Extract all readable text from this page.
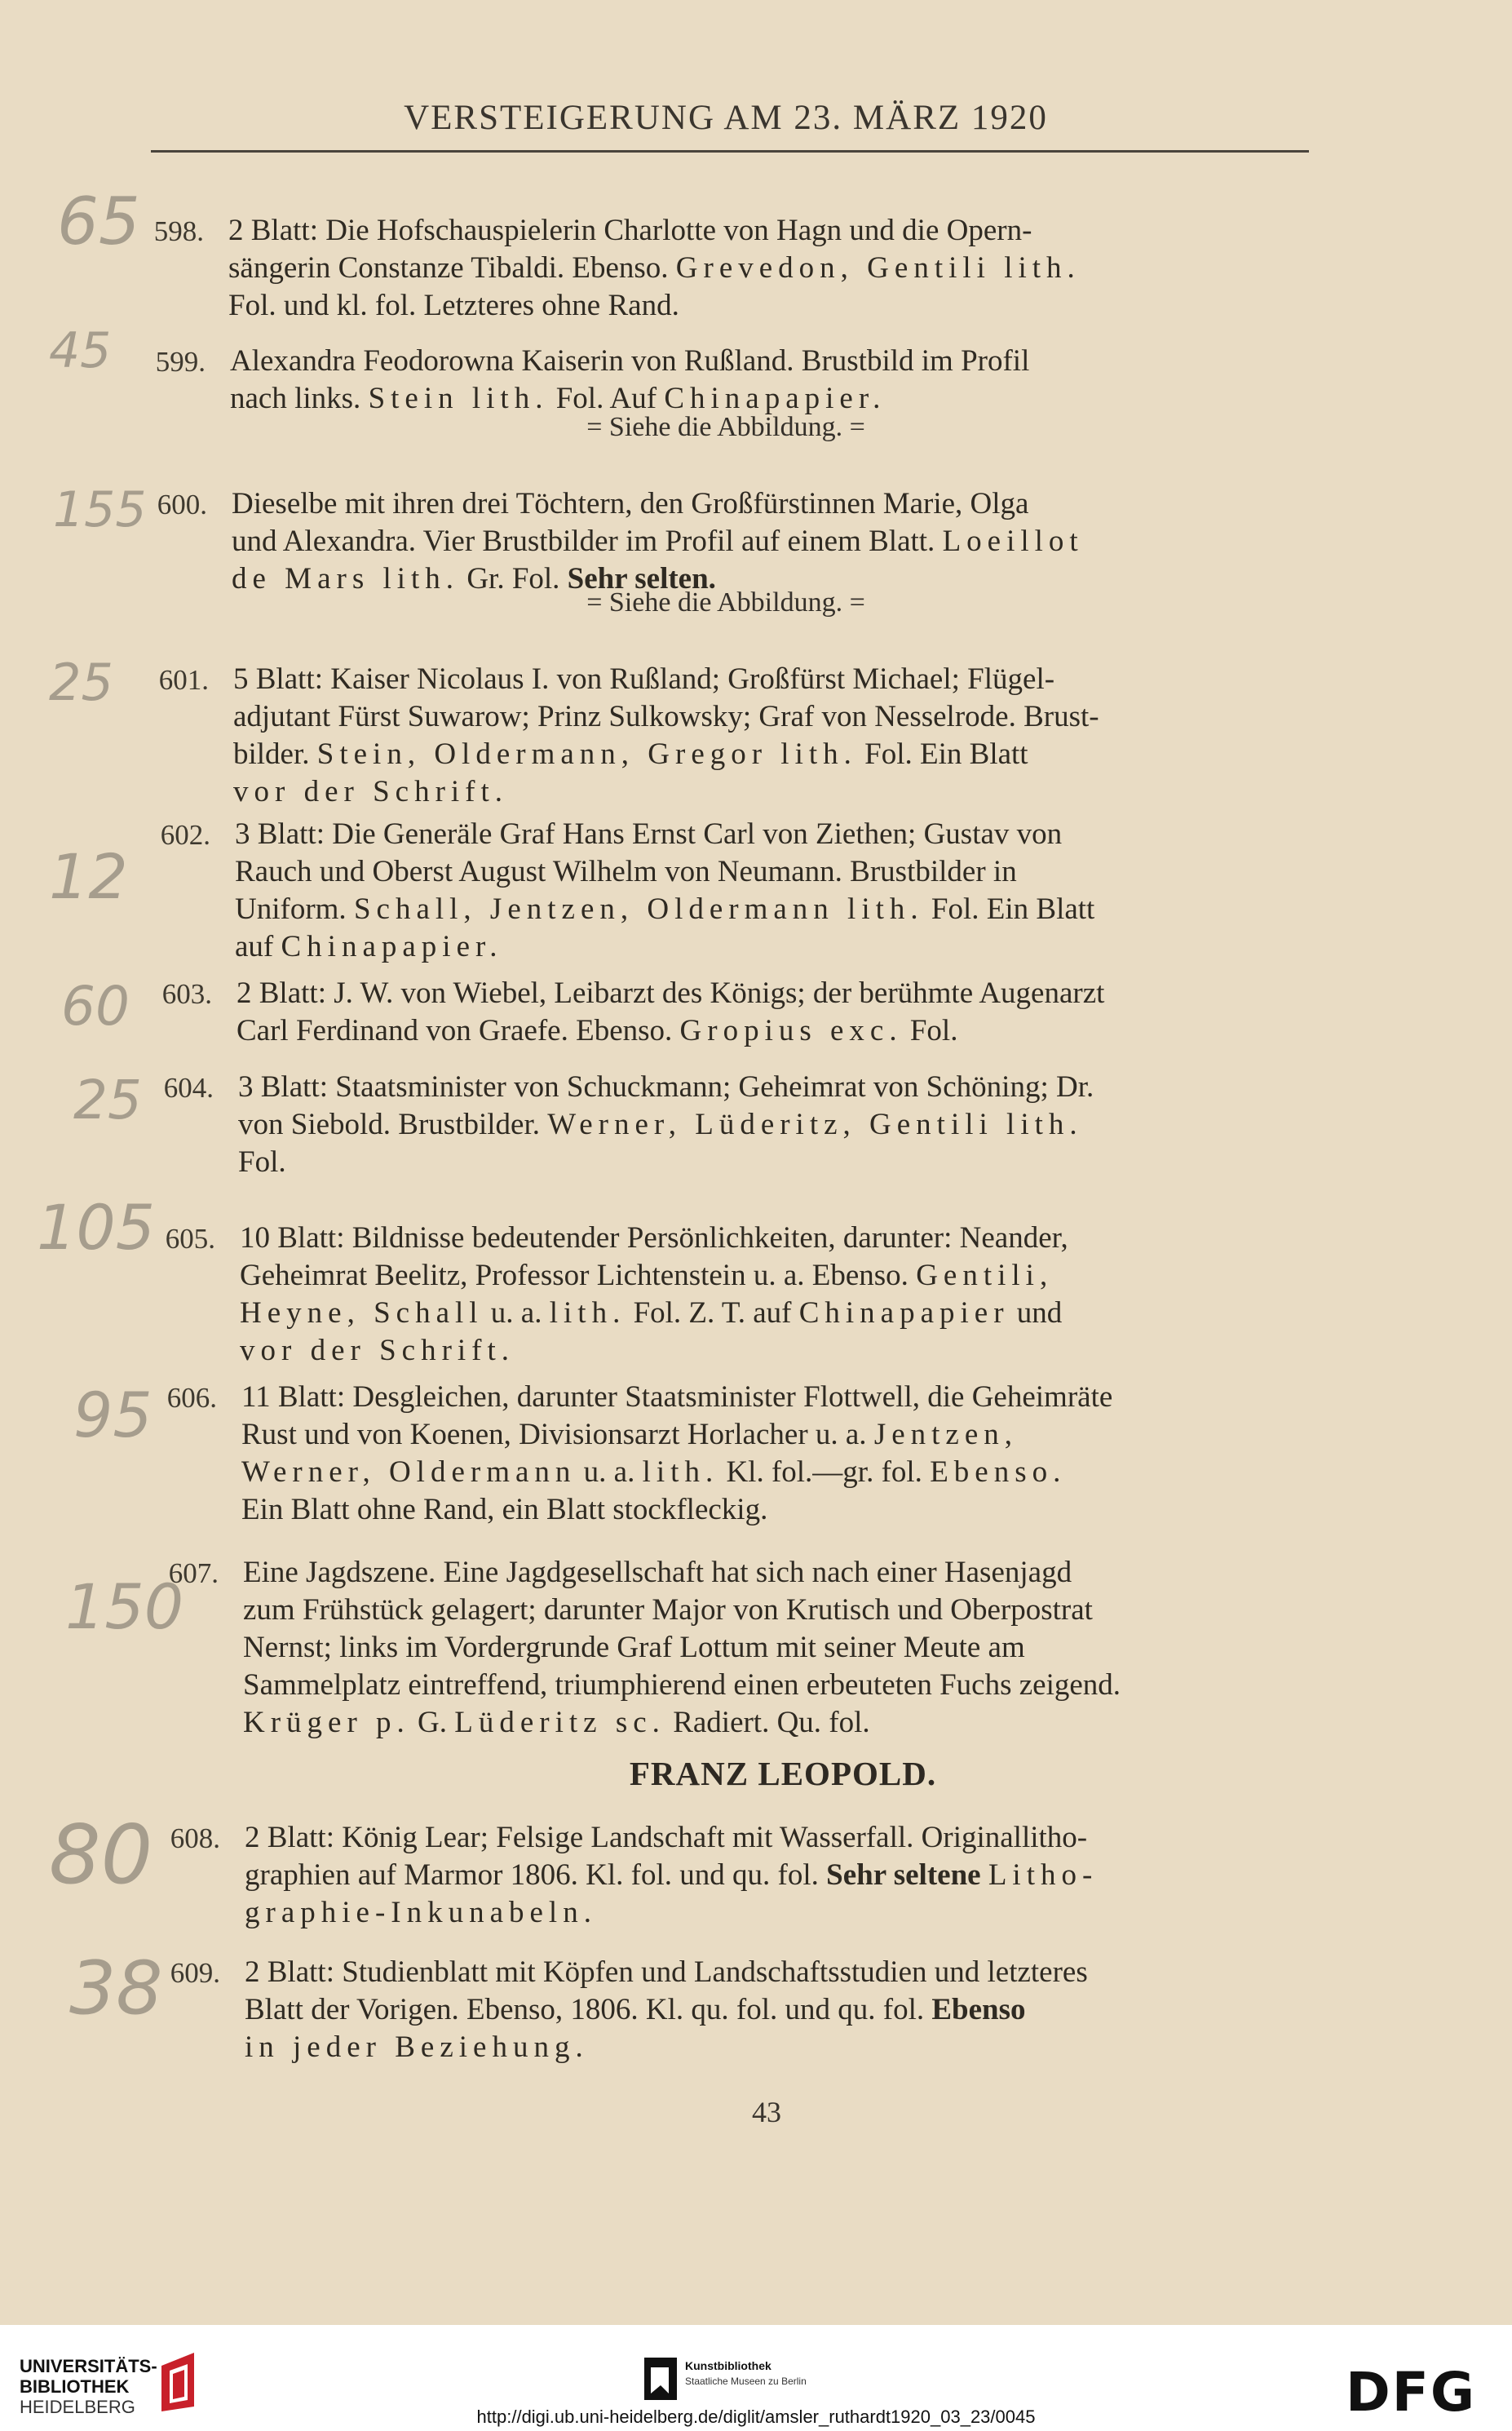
VERSTEIGERUNG AM 23. MÄRZ 1920
598. 2 Blatt: Die Hofschauspielerin Charlotte von Hagn und die Opern-
sängerin Constanze Tibaldi. Ebenso. Grevedon, Gentili lith.
Fol. und kl. fol. Letzteres ohne Rand.
599. Alexandra Feodorowna Kaiserin von Rußland. Brustbild im Profil
nach links. Stein lith. Fol. Auf Chinapapier.
600. Dieselbe mit ihren drei Töchtern, den Großfürstinnen Marie, Olga
und Alexandra. Vier Brustbilder im Profil auf einem Blatt. Loeillot
de Mars lith. Gr. Fol. Sehr selten.
601. 5 Blatt: Kaiser Nicolaus I. von Rußland; Großfürst Michael; Flügel-
adjutant Fürst Suwarow; Prinz Sulkowsky; Graf von Nesselrode. Brust-
bilder. Stein, Oldermann, Gregor lith. Fol. Ein Blatt
vor der Schrift.
602. 3 Blatt: Die Generäle Graf Hans Ernst Carl von Ziethen; Gustav von
Rauch und Oberst August Wilhelm von Neumann. Brustbilder in
Uniform. Schall, Jentzen, Oldermann lith. Fol. Ein Blatt
auf Chinapapier.
603. 2 Blatt: J. W. von Wiebel, Leibarzt des Königs; der berühmte Augenarzt
Carl Ferdinand von Graefe. Ebenso. Gropius exc. Fol.
604. 3 Blatt: Staatsminister von Schuckmann; Geheimrat von Schöning; Dr.
von Siebold. Brustbilder. Werner, Lüderitz, Gentili lith.
Fol.
605. 10 Blatt: Bildnisse bedeutender Persönlichkeiten, darunter: Neander,
Geheimrat Beelitz, Professor Lichtenstein u. a. Ebenso. Gentili,
Heyne, Schall u. a. lith. Fol. Z. T. auf Chinapapier und
vor der Schrift.
606. 11 Blatt: Desgleichen, darunter Staatsminister Flottwell, die Geheimräte
Rust und von Koenen, Divisionsarzt Horlacher u. a. Jentzen,
Werner, Oldermann u. a. lith. Kl. fol.—gr. fol. Ebenso.
Ein Blatt ohne Rand, ein Blatt stockfleckig.
607. Eine Jagdszene. Eine Jagdgesellschaft hat sich nach einer Hasenjagd
zum Frühstück gelagert; darunter Major von Krutisch und Oberpostrat
Nernst; links im Vordergrunde Graf Lottum mit seiner Meute am
Sammelplatz eintreffend, triumphierend einen erbeuteten Fuchs zeigend.
Krüger p. G. Lüderitz sc. Radiert. Qu. fol.
608. 2 Blatt: König Lear; Felsige Landschaft mit Wasserfall. Originallitho-
graphien auf Marmor 1806. Kl. fol. und qu. fol. Sehr seltene Litho-
graphie-Inkunabeln.
609. 2 Blatt: Studienblatt mit Köpfen und Landschaftsstudien und letzteres
Blatt der Vorigen. Ebenso, 1806. Kl. qu. fol. und qu. fol. Ebenso
in jeder Beziehung.
= Siehe die Abbildung. =
= Siehe die Abbildung. =
FRANZ LEOPOLD.
43
65
45
155
25
12
60
25
105
95
150
80
38
UNIVERSITÄTS-
BIBLIOTHEK
HEIDELBERG
Kunstbibliothek
Staatliche Museen zu Berlin	DFG
http://digi.ub.uni-heidelberg.de/diglit/amsler_ruthardt1920_03_23/0045
